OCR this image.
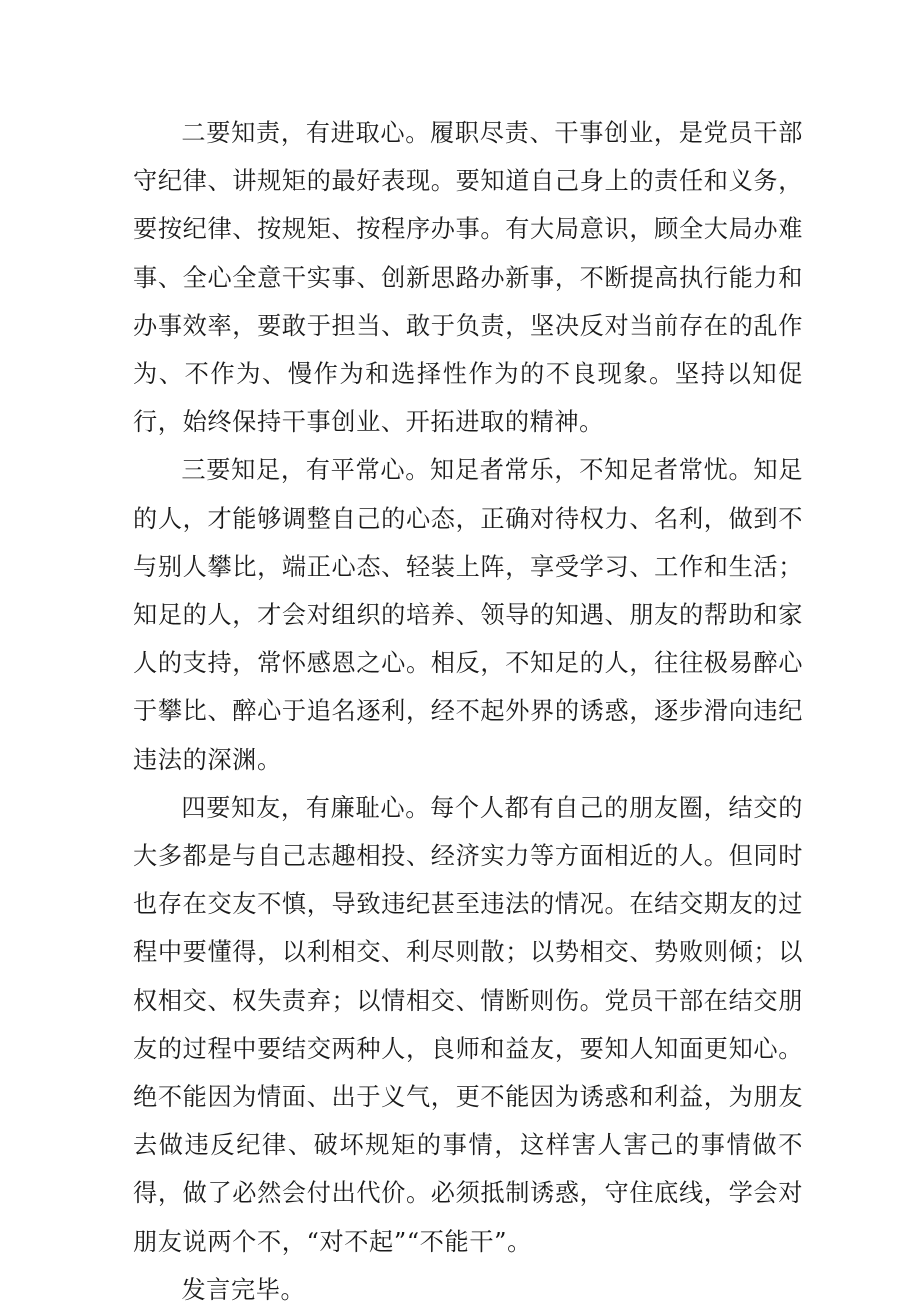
二要知责，有进取心。履职尽责、干事创业，是党员干部守纪律、讲规矩的最好表现。要知道自己身上的责任和义务，要按纪律、按规矩、按程序办事。有大局意识，顾全大局办难事、全心全意干实事、创新思路办新事，不断提高执行能力和办事效率，要敢于担当、敢于负责，坚决反对当前存在的乱作为、不作为、慢作为和选择性作为的不良现象。坚持以知促行，始终保持干事创业、开拓进取的精神。

三要知足，有平常心。知足者常乐，不知足者常忧。知足的人，才能够调整自己的心态，正确对待权力、名利，做到不与别人攀比，端正心态、轻装上阵，享受学习、工作和生活；知足的人，才会对组织的培养、领导的知遇、朋友的帮助和家人的支持，常怀感恩之心。相反，不知足的人，往往极易醉心于攀比、醉心于追名逐利，经不起外界的诱惑，逐步滑向违纪违法的深渊。

四要知友，有廉耻心。每个人都有自己的朋友圈，结交的大多都是与自己志趣相投、经济实力等方面相近的人。但同时也存在交友不慎，导致违纪甚至违法的情况。在结交期友的过程中要懂得，以利相交、利尽则散；以势相交、势败则倾；以权相交、权失责弃；以情相交、情断则伤。党员干部在结交朋友的过程中要结交两种人，良师和益友，要知人知面更知心。绝不能因为情面、出于义气，更不能因为诱惑和利益，为朋友去做违反纪律、破坏规矩的事情，这样害人害己的事情做不得，做了必然会付出代价。必须抵制诱惑，守住底线，学会对朋友说两个不，“对不起”“不能干”。

发言完毕。
